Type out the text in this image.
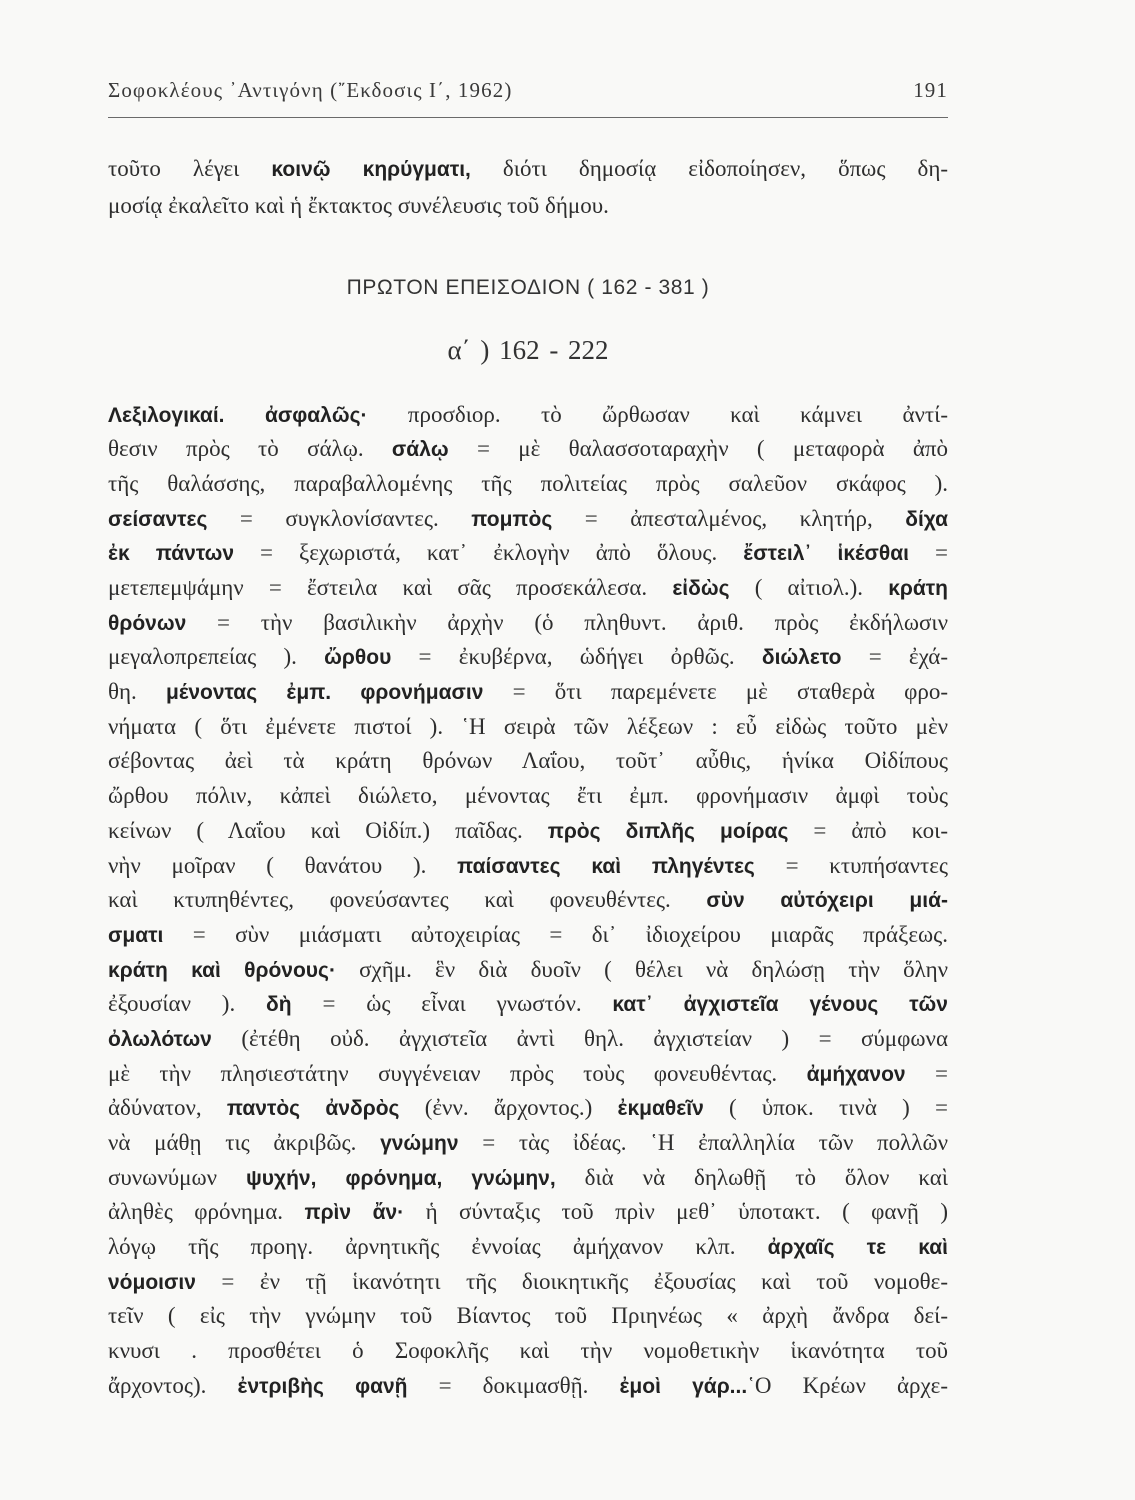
Σοφοκλέους ᾿Αντιγόνη (῎Εκδοσις Ι΄, 1962)	191
τοῦτο λέγει κοινῷ κηρύγματι, διότι δημοσίᾳ εἰδοποίησεν, ὅπως δη-
μοσίᾳ ἐκαλεῖτο καὶ ἡ ἔκτακτος συνέλευσις τοῦ δήμου.
ΠΡΩΤΟΝ ΕΠΕΙΣΟΔΙΟΝ ( 162 - 381 )
α΄ ) 162 - 222
Λεξιλογικαί. ἀσφαλῶς· προσδιορ. τὸ ὤρθωσαν καὶ κάμνει ἀντί-
θεσιν πρὸς τὸ σάλῳ. σάλῳ = μὲ θαλασσοταραχὴν ( μεταφορὰ ἀπὸ
τῆς θαλάσσης, παραβαλλομένης τῆς πολιτείας πρὸς σαλεῦον σκάφος ).
σείσαντες = συγκλονίσαντες. πομπὸς = ἀπεσταλμένος, κλητήρ, δίχα
ἐκ πάντων = ξεχωριστά, κατ᾿ ἐκλογὴν ἀπὸ ὅλους. ἔστειλ᾿ ἱκέσθαι =
μετεπεμψάμην = ἔστειλα καὶ σᾶς προσεκάλεσα. εἰδὼς ( αἰτιολ.). κράτη
θρόνων = τὴν βασιλικὴν ἀρχὴν (ὁ πληθυντ. ἀριθ. πρὸς ἐκδήλωσιν
μεγαλοπρεπείας ). ὤρθου = ἐκυβέρνα, ὡδήγει ὀρθῶς. διώλετο = ἐχά-
θη. μένοντας ἐμπ. φρονήμασιν = ὅτι παρεμένετε μὲ σταθερὰ φρο-
νήματα ( ὅτι ἐμένετε πιστοί ). ῾Η σειρὰ τῶν λέξεων : εὖ εἰδὼς τοῦτο μὲν
σέβοντας ἀεὶ τὰ κράτη θρόνων Λαΐου, τοῦτ᾿ αὖθις, ἡνίκα Οἰδίπους
ὤρθου πόλιν, κἀπεὶ διώλετο, μένοντας ἔτι ἐμπ. φρονήμασιν ἀμφὶ τοὺς
κείνων ( Λαΐου καὶ Οἰδίπ.) παῖδας. πρὸς διπλῆς μοίρας = ἀπὸ κοι-
νὴν μοῖραν ( θανάτου ). παίσαντες καὶ πληγέντες = κτυπήσαντες
καὶ κτυπηθέντες, φονεύσαντες καὶ φονευθέντες. σὺν αὐτόχειρι μιά-
σματι = σὺν μιάσματι αὐτοχειρίας = δι᾿ ἰδιοχείρου μιαρᾶς πράξεως.
κράτη καὶ θρόνους· σχῆμ. ἓν διὰ δυοῖν ( θέλει νὰ δηλώσῃ τὴν ὅλην
ἐξουσίαν ). δὴ = ὡς εἶναι γνωστόν. κατ᾿ ἀγχιστεῖα γένους τῶν
ὀλωλότων (ἐτέθη οὐδ. ἀγχιστεῖα ἀντὶ θηλ. ἀγχιστείαν ) = σύμφωνα
μὲ τὴν πλησιεστάτην συγγένειαν πρὸς τοὺς φονευθέντας. ἀμήχανον =
ἀδύνατον, παντὸς ἀνδρὸς (ἐνν. ἄρχοντος.) ἐκμαθεῖν ( ὑποκ. τινὰ ) =
νὰ μάθῃ τις ἀκριβῶς. γνώμην = τὰς ἰδέας. ῾Η ἐπαλληλία τῶν πολλῶν
συνωνύμων ψυχήν, φρόνημα, γνώμην, διὰ νὰ δηλωθῇ τὸ ὅλον καὶ
ἀληθὲς φρόνημα. πρὶν ἄν· ἡ σύνταξις τοῦ πρὶν μεθ᾿ ὑποτακτ. ( φανῇ )
λόγῳ τῆς προηγ. ἀρνητικῆς ἐννοίας ἀμήχανον κλπ. ἀρχαῖς τε καὶ
νόμοισιν = ἐν τῇ ἱκανότητι τῆς διοικητικῆς ἐξουσίας καὶ τοῦ νομοθε-
τεῖν ( εἰς τὴν γνώμην τοῦ Βίαντος τοῦ Πριηνέως « ἀρχὴ ἄνδρα δεί-
κνυσι . προσθέτει ὁ Σοφοκλῆς καὶ τὴν νομοθετικὴν ἱκανότητα τοῦ
ἄρχοντος). ἐντριβὴς φανῇ = δοκιμασθῇ. ἐμοὶ γάρ...῾Ο Κρέων ἀρχε-
